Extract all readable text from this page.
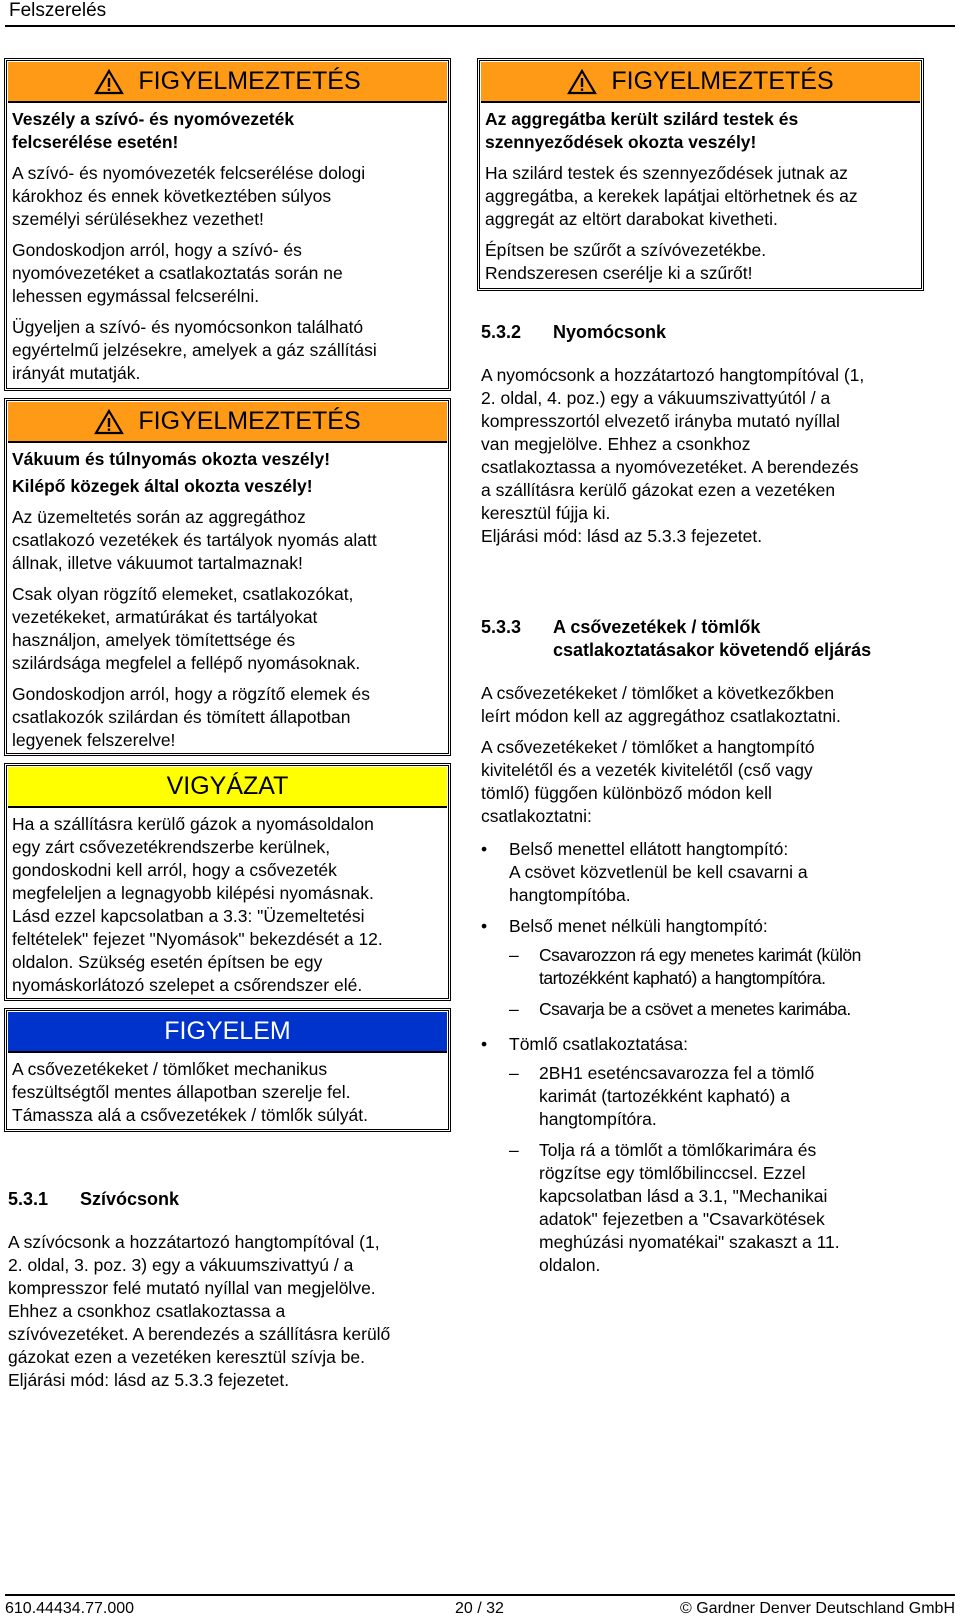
Felszerelés
FIGYELMEZTETÉS

Veszély a szívó- és nyomóvezeték
felcserélése esetén!

A szívó- és nyomóvezeték felcserélése dologi
károkhoz és ennek következtében súlyos
személyi sérülésekhez vezethet!

Gondoskodjon arról, hogy a szívó- és
nyomóvezetéket a csatlakoztatás során ne
lehessen egymással felcserélni.

Ügyeljen a szívó- és nyomócsonkon található
egyértelmű jelzésekre, amelyek a gáz szállítási
irányát mutatják.

FIGYELMEZTETÉS

Vákuum és túlnyomás okozta veszély!

Kilépő közegek által okozta veszély!

Az üzemeltetés során az aggregáthoz
csatlakozó vezetékek és tartályok nyomás alatt
állnak, illetve vákuumot tartalmaznak!

Csak olyan rögzítő elemeket, csatlakozókat,
vezetékeket, armatúrákat és tartályokat
használjon, amelyek tömítettsége és
szilárdsága megfelel a fellépő nyomásoknak.

Gondoskodjon arról, hogy a rögzítő elemek és
csatlakozók szilárdan és tömített állapotban
legyenek felszerelve!

VIGYÁZAT

Ha a szállításra kerülő gázok a nyomásoldalon
egy zárt csővezetékrendszerbe kerülnek,
gondoskodni kell arról, hogy a csővezeték
megfeleljen a legnagyobb kilépési nyomásnak.
Lásd ezzel kapcsolatban a 3.3: "Üzemeltetési
feltételek" fejezet "Nyomások" bekezdését a 12.
oldalon. Szükség esetén építsen be egy
nyomáskorlátozó szelepet a csőrendszer elé.

FIGYELEM

A csővezetékeket / tömlőket mechanikus
feszültségtől mentes állapotban szerelje fel.
Támassza alá a csővezetékek / tömlők súlyát.

5.3.1	Szívócsonk

A szívócsonk a hozzátartozó hangtompítóval (1,
2. oldal, 3. poz. 3) egy a vákuumszivattyú / a
kompresszor felé mutató nyíllal van megjelölve.
Ehhez a csonkhoz csatlakoztassa a
szívóvezetéket. A berendezés a szállításra kerülő
gázokat ezen a vezetéken keresztül szívja be.
Eljárási mód: lásd az 5.3.3 fejezetet.

FIGYELMEZTETÉS

Az aggregátba került szilárd testek és
szennyeződések okozta veszély!

Ha szilárd testek és szennyeződések jutnak az
aggregátba, a kerekek lapátjai eltörhetnek és az
aggregát az eltört darabokat kivetheti.

Építsen be szűrőt a szívóvezetékbe.
Rendszeresen cserélje ki a szűrőt!

5.3.2	Nyomócsonk

A nyomócsonk a hozzátartozó hangtompítóval (1,
2. oldal, 4. poz.) egy a vákuumszivattyútól / a
kompresszortól elvezető irányba mutató nyíllal
van megjelölve. Ehhez a csonkhoz
csatlakoztassa a nyomóvezetéket. A berendezés
a szállításra kerülő gázokat ezen a vezetéken
keresztül fújja ki.
Eljárási mód: lásd az 5.3.3 fejezetet.

5.3.3	A csővezetékek / tömlők
csatlakoztatásakor követendő eljárás

A csővezetékeket / tömlőket a következőkben
leírt módon kell az aggregáthoz csatlakoztatni.

A csővezetékeket / tömlőket a hangtompító
kivitelétől és a vezeték kivitelétől (cső vagy
tömlő) függően különböző módon kell
csatlakoztatni:

• Belső menettel ellátott hangtompító:
A csövet közvetlenül be kell csavarni a
hangtompítóba.
• Belső menet nélküli hangtompító:
– Csavarozzon rá egy menetes karimát (külön
tartozékként kapható) a hangtompítóra.
– Csavarja be a csövet a menetes karimába.
• Tömlő csatlakoztatása:
– 2BH1 eseténcsavarozza fel a tömlő
karimát (tartozékként kapható) a
hangtompítóra.
– Tolja rá a tömlőt a tömlőkarimára és
rögzítse egy tömlőbilinccsel. Ezzel
kapcsolatban lásd a 3.1, "Mechanikai
adatok" fejezetben a "Csavarkötések
meghúzási nyomatékai" szakaszt a 11.
oldalon.
610.44434.77.000	20 / 32	© Gardner Denver Deutschland GmbH
